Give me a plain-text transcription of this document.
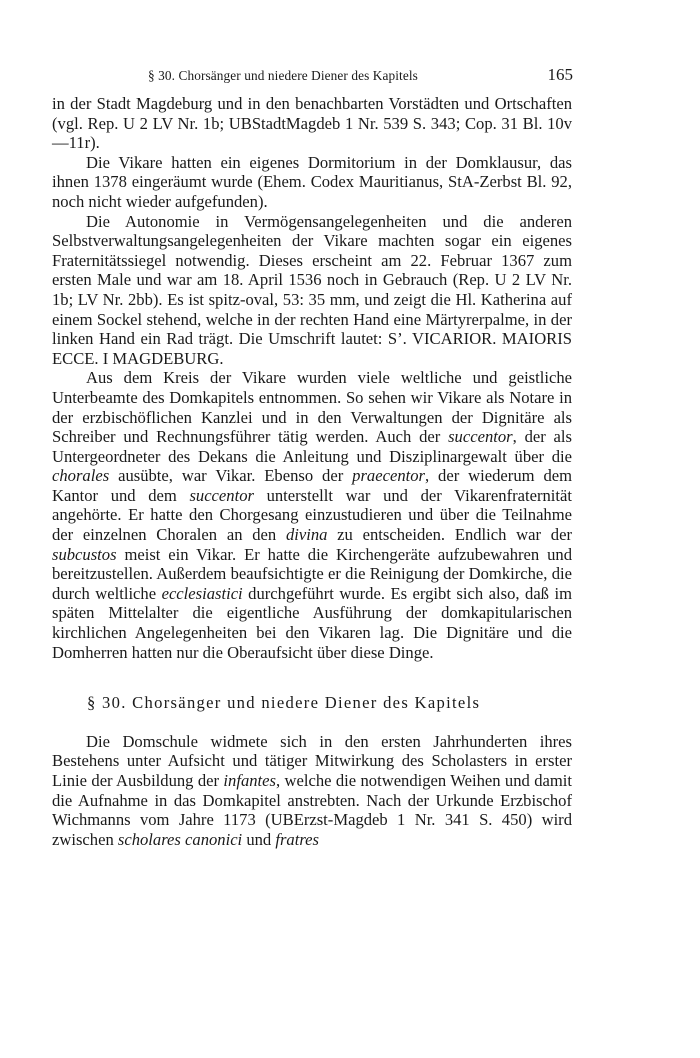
§ 30. Chorsänger und niedere Diener des Kapitels	165

in der Stadt Magdeburg und in den benachbarten Vorstädten und Ortschaften (vgl. Rep. U 2 LV Nr. 1b; UBStadtMagdeb 1 Nr. 539 S. 343; Cop. 31 Bl. 10v—11r).

Die Vikare hatten ein eigenes Dormitorium in der Domklausur, das ihnen 1378 eingeräumt wurde (Ehem. Codex Mauritianus, StA-Zerbst Bl. 92, noch nicht wieder aufgefunden).

Die Autonomie in Vermögensangelegenheiten und die anderen Selbstverwaltungsangelegenheiten der Vikare machten sogar ein eigenes Fraternitätssiegel notwendig. Dieses erscheint am 22. Februar 1367 zum ersten Male und war am 18. April 1536 noch in Gebrauch (Rep. U 2 LV Nr. 1b; LV Nr. 2bb). Es ist spitz-oval, 53: 35 mm, und zeigt die Hl. Katherina auf einem Sockel stehend, welche in der rechten Hand eine Märtyrerpalme, in der linken Hand ein Rad trägt. Die Umschrift lautet: S’. VICARIOR. MAIORIS ECCE. I MAGDEBURG.

Aus dem Kreis der Vikare wurden viele weltliche und geistliche Unterbeamte des Domkapitels entnommen. So sehen wir Vikare als Notare in der erzbischöflichen Kanzlei und in den Verwaltungen der Dignitäre als Schreiber und Rechnungsführer tätig werden. Auch der succentor, der als Untergeordneter des Dekans die Anleitung und Disziplinargewalt über die chorales ausübte, war Vikar. Ebenso der praecentor, der wiederum dem Kantor und dem succentor unterstellt war und der Vikarenfraternität angehörte. Er hatte den Chorgesang einzustudieren und über die Teilnahme der einzelnen Choralen an den divina zu entscheiden. Endlich war der subcustos meist ein Vikar. Er hatte die Kirchengeräte aufzubewahren und bereitzustellen. Außerdem beaufsichtigte er die Reinigung der Domkirche, die durch weltliche ecclesiastici durchgeführt wurde. Es ergibt sich also, daß im späten Mittelalter die eigentliche Ausführung der domkapitularischen kirchlichen Angelegenheiten bei den Vikaren lag. Die Dignitäre und die Domherren hatten nur die Oberaufsicht über diese Dinge.

§ 30. Chorsänger und niedere Diener des Kapitels

Die Domschule widmete sich in den ersten Jahrhunderten ihres Bestehens unter Aufsicht und tätiger Mitwirkung des Scholasters in erster Linie der Ausbildung der infantes, welche die notwendigen Weihen und damit die Aufnahme in das Domkapitel anstrebten. Nach der Urkunde Erzbischof Wichmanns vom Jahre 1173 (UBErzst-Magdeb 1 Nr. 341 S. 450) wird zwischen scholares canonici und fratres
